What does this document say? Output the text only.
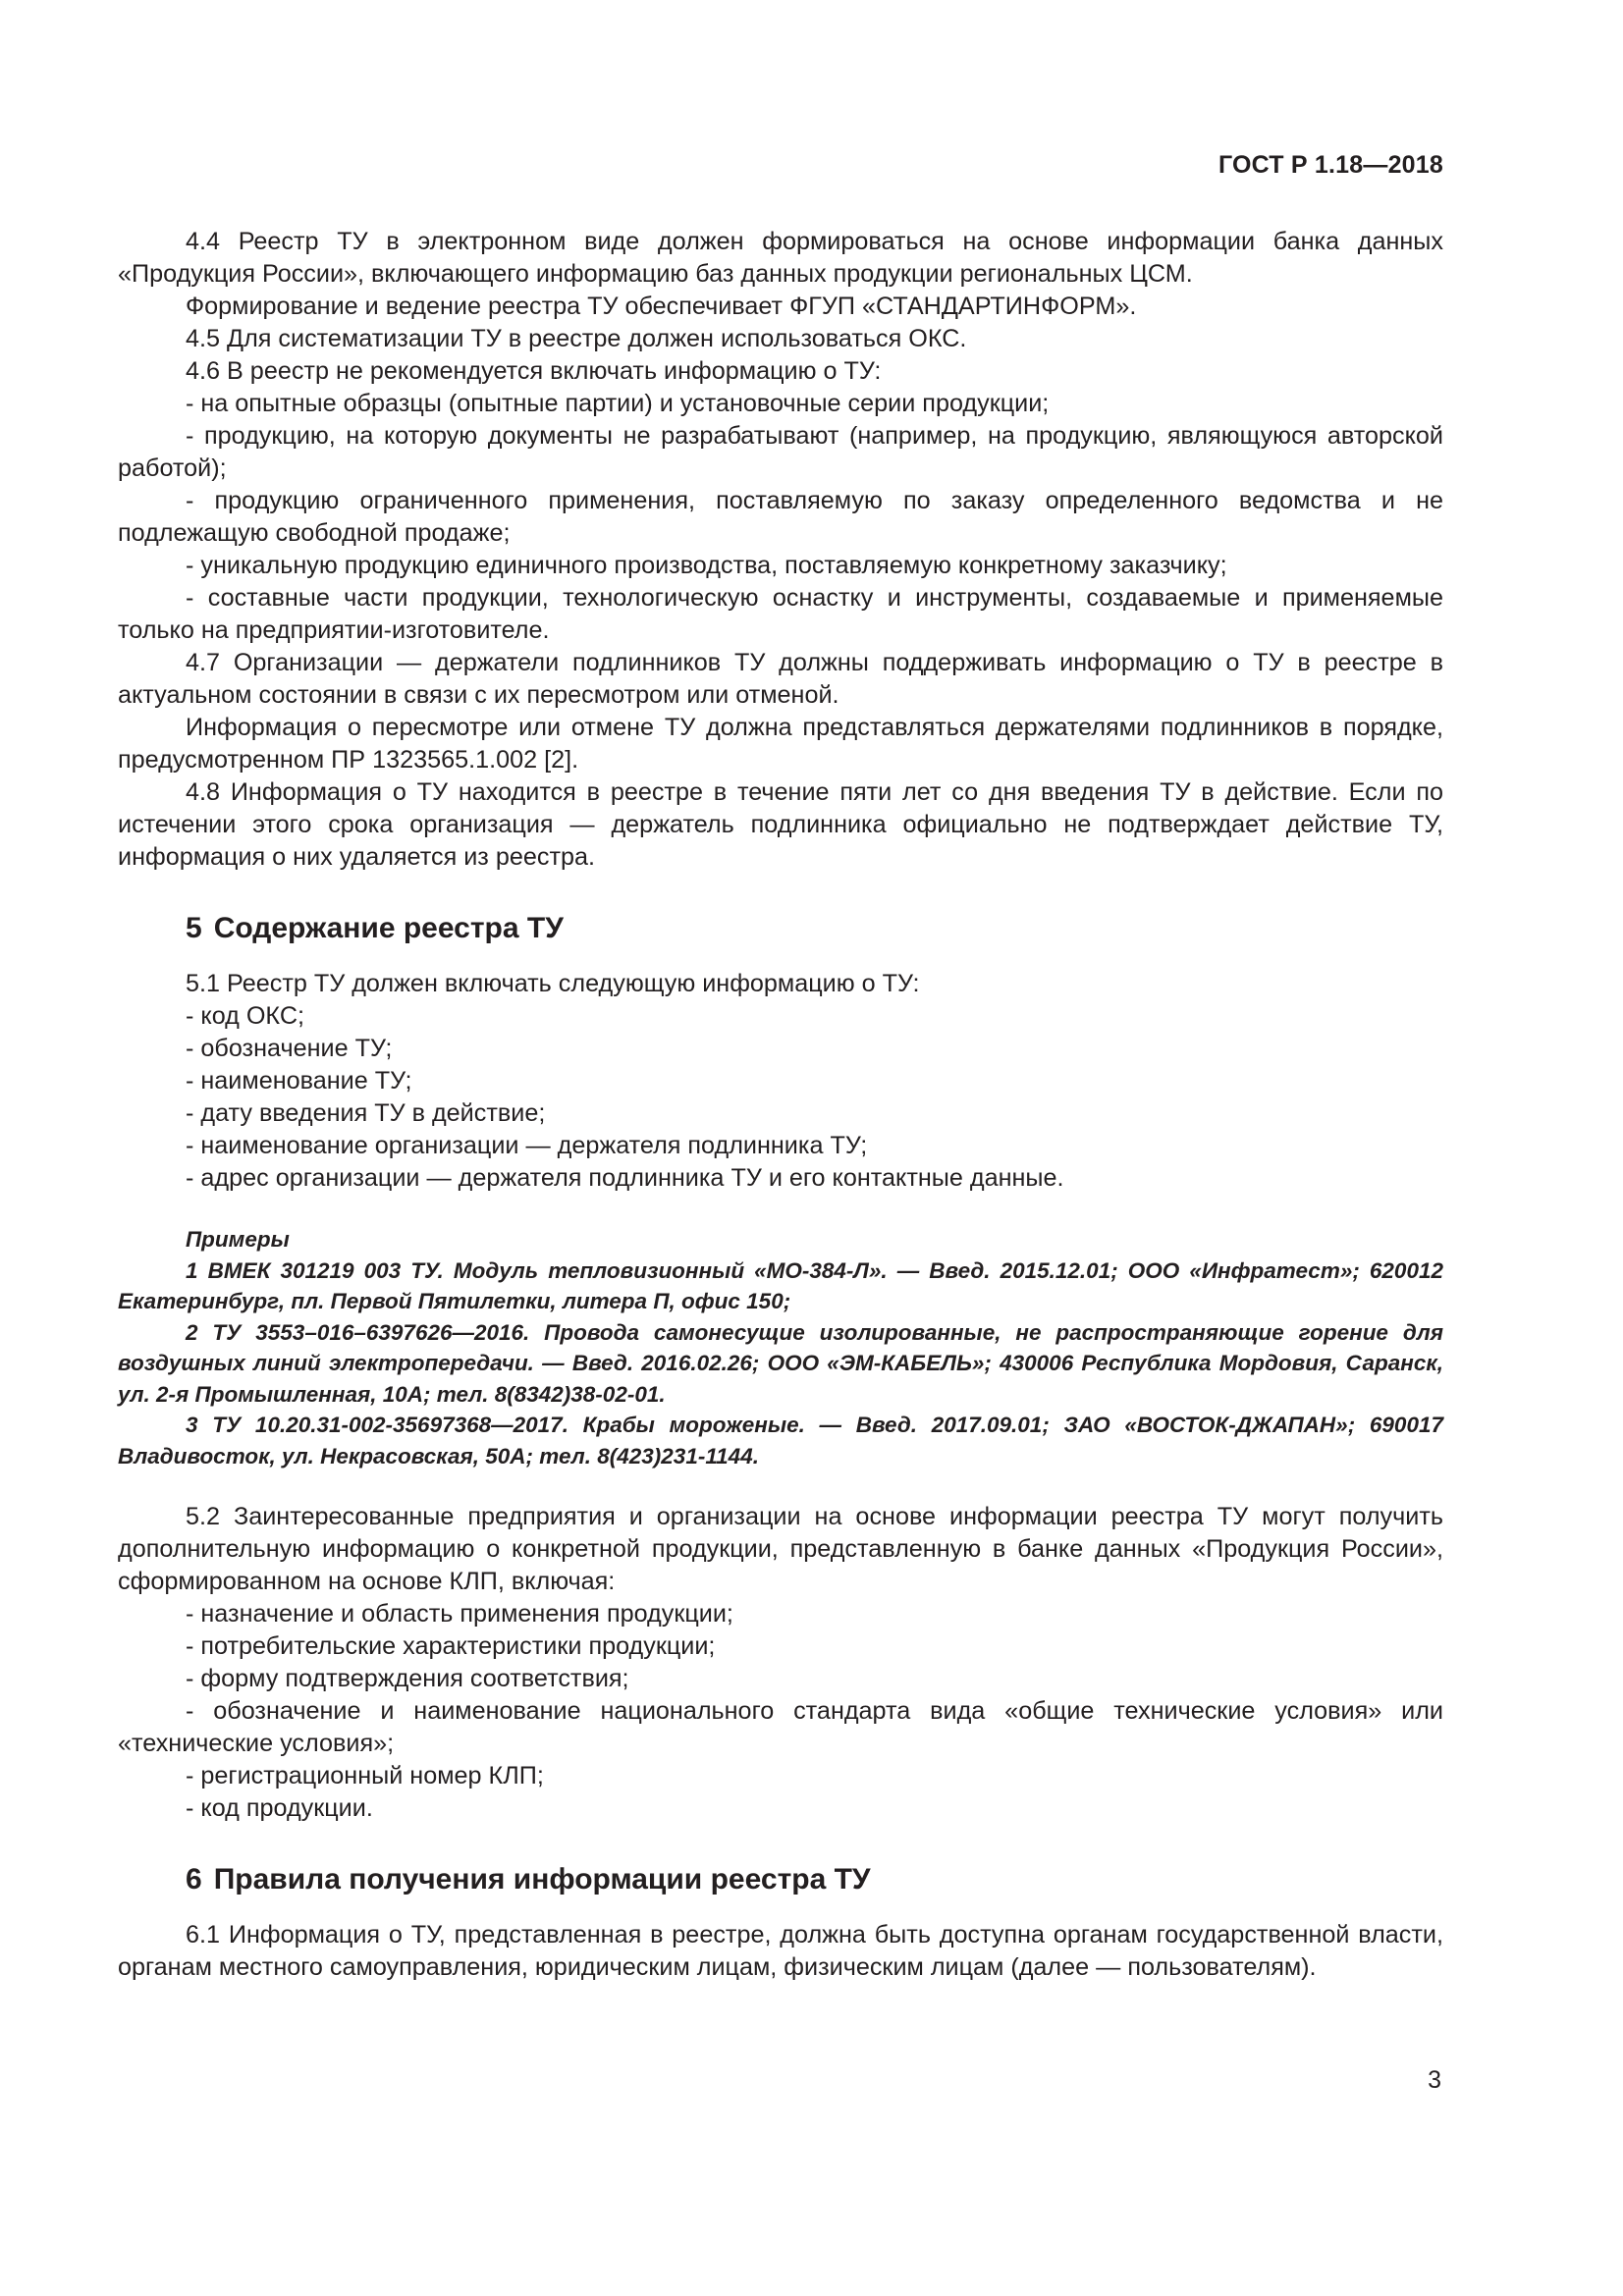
ГОСТ Р 1.18—2018

4.4 Реестр ТУ в электронном виде должен формироваться на основе информации банка данных «Продукция России», включающего информацию баз данных продукции региональных ЦСМ.

Формирование и ведение реестра ТУ обеспечивает ФГУП «СТАНДАРТИНФОРМ».

4.5 Для систематизации ТУ в реестре должен использоваться ОКС.

4.6 В реестр не рекомендуется включать информацию о ТУ:

- на опытные образцы (опытные партии) и установочные серии продукции;

- продукцию, на которую документы не разрабатывают (например, на продукцию, являющуюся авторской работой);

- продукцию ограниченного применения, поставляемую по заказу определенного ведомства и не подлежащую свободной продаже;

- уникальную продукцию единичного производства, поставляемую конкретному заказчику;

- составные части продукции, технологическую оснастку и инструменты, создаваемые и применяемые только на предприятии-изготовителе.

4.7 Организации — держатели подлинников ТУ должны поддерживать информацию о ТУ в реестре в актуальном состоянии в связи с их пересмотром или отменой.

Информация о пересмотре или отмене ТУ должна представляться держателями подлинников в порядке, предусмотренном ПР 1323565.1.002 [2].

4.8 Информация о ТУ находится в реестре в течение пяти лет со дня введения ТУ в действие. Если по истечении этого срока организация — держатель подлинника официально не подтверждает действие ТУ, информация о них удаляется из реестра.

5 Содержание реестра ТУ

5.1 Реестр ТУ должен включать следующую информацию о ТУ:

- код ОКС;

- обозначение ТУ;

- наименование ТУ;

- дату введения ТУ в действие;

- наименование организации — держателя подлинника ТУ;

- адрес организации — держателя подлинника ТУ и его контактные данные.

Примеры

1 ВМЕК 301219 003 ТУ. Модуль тепловизионный «МО-384-Л». — Введ. 2015.12.01; ООО «Инфратест»; 620012 Екатеринбург, пл. Первой Пятилетки, литера П, офис 150;

2 ТУ 3553–016–6397626—2016. Провода самонесущие изолированные, не распространяющие горение для воздушных линий электропередачи. — Введ. 2016.02.26; ООО «ЭМ-КАБЕЛЬ»; 430006 Республика Мордовия, Саранск, ул. 2-я Промышленная, 10А; тел. 8(8342)38-02-01.

3 ТУ 10.20.31-002-35697368—2017. Крабы мороженые. — Введ. 2017.09.01; ЗАО «ВОСТОК-ДЖАПАН»; 690017 Владивосток, ул. Некрасовская, 50А; тел. 8(423)231-1144.

5.2 Заинтересованные предприятия и организации на основе информации реестра ТУ могут получить дополнительную информацию о конкретной продукции, представленную в банке данных «Продукция России», сформированном на основе КЛП, включая:

- назначение и область применения продукции;

- потребительские характеристики продукции;

- форму подтверждения соответствия;

- обозначение и наименование национального стандарта вида «общие технические условия» или «технические условия»;

- регистрационный номер КЛП;

- код продукции.

6 Правила получения информации реестра ТУ

6.1 Информация о ТУ, представленная в реестре, должна быть доступна органам государственной власти, органам местного самоуправления, юридическим лицам, физическим лицам (далее — пользователям).

3
